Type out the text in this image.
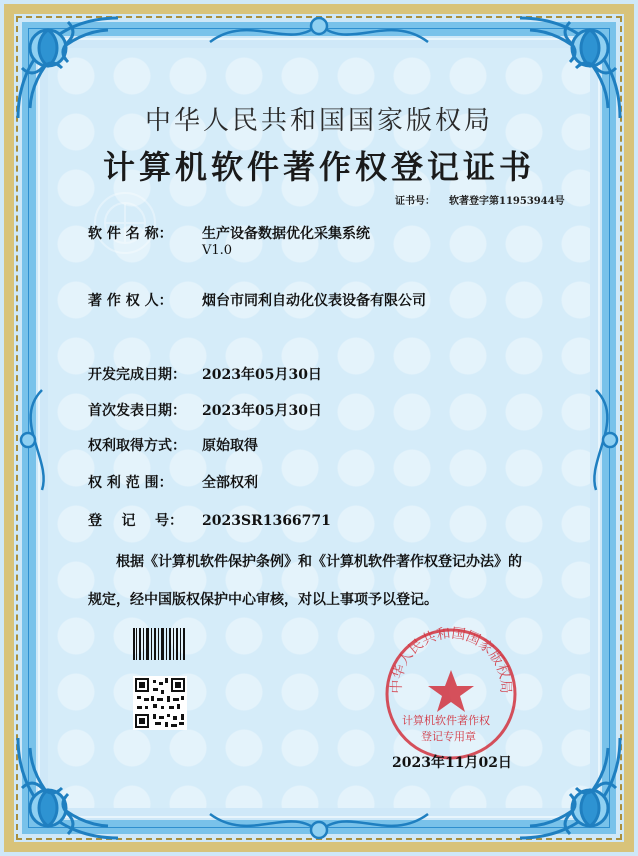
中华人民共和国国家版权局
计算机软件著作权登记证书
证书号： 软著登字第11953944号
软 件 名 称： 生产设备数据优化采集系统
V1.0
著 作 权 人： 烟台市同利自动化仪表设备有限公司
开发完成日期： 2023年05月30日
首次发表日期： 2023年05月30日
权利取得方式： 原始取得
权 利 范 围： 全部权利
登    记    号： 2023SR1366771
根据《计算机软件保护条例》和《计算机软件著作权登记办法》的
规定，经中国版权保护中心审核，对以上事项予以登记。
中华人民共和国国家版权局
计算机软件著作权
登记专用章
2023年11月02日
